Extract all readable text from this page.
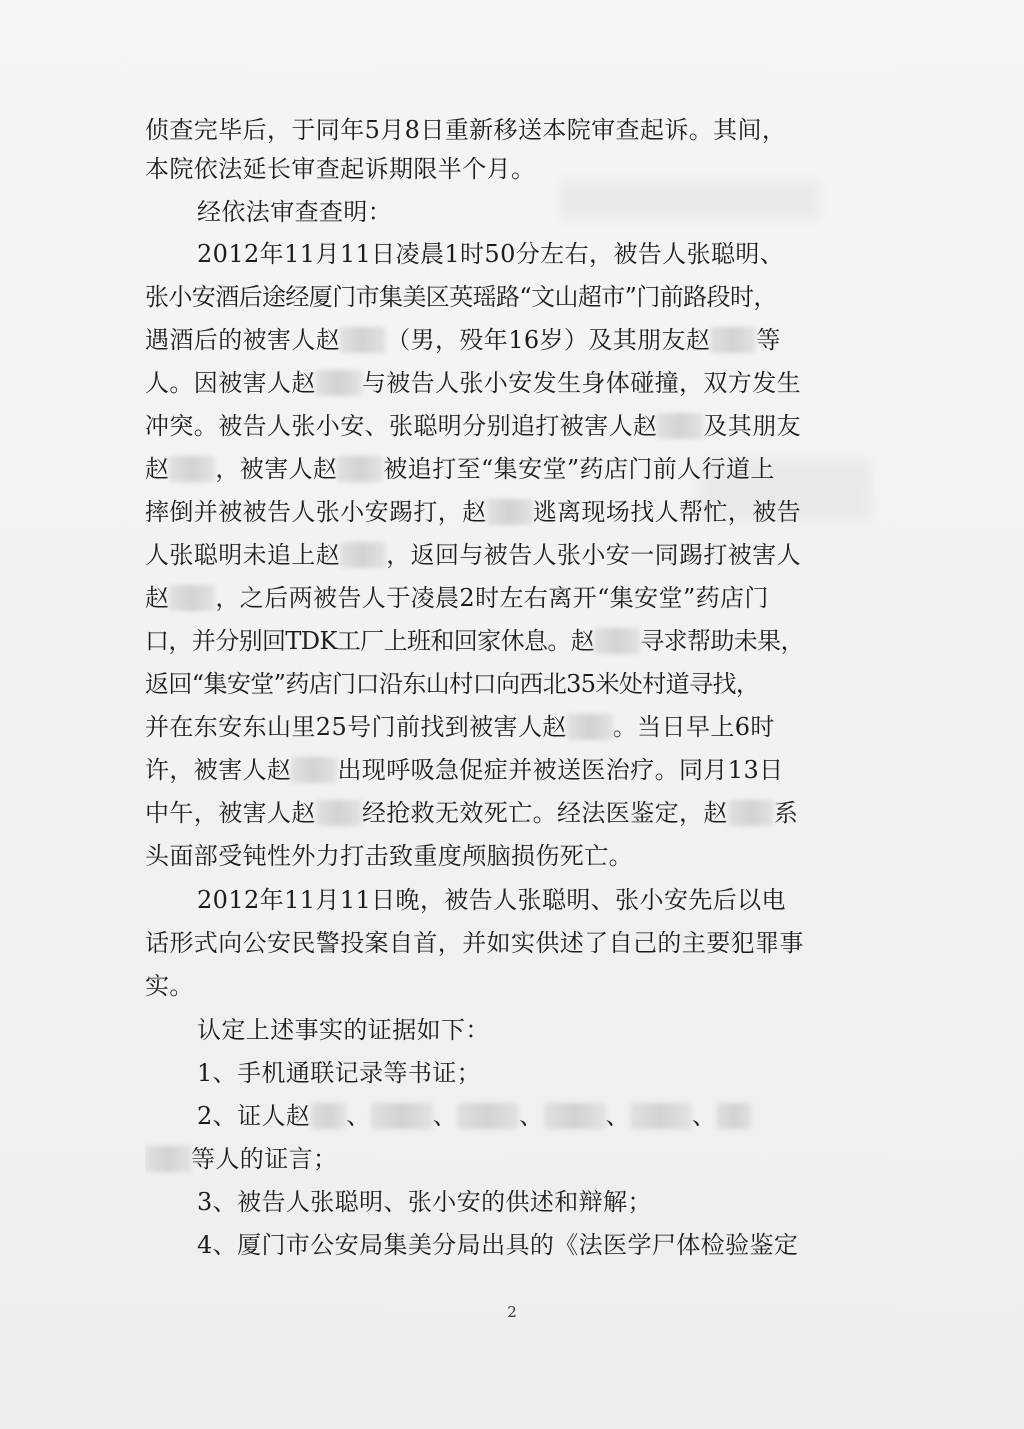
侦查完毕后，于同年5月8日重新移送本院审查起诉。其间，
本院依法延长审查起诉期限半个月。
经依法审查查明：
2012年11月11日凌晨1时50分左右，被告人张聪明、
张小安酒后途经厦门市集美区英瑶路“文山超市”门前路段时，
遇酒后的被害人赵 （男，殁年16岁）及其朋友赵 等
人。因被害人赵 与被告人张小安发生身体碰撞，双方发生
冲突。被告人张小安、张聪明分别追打被害人赵 及其朋友
赵 ，被害人赵 被追打至“集安堂”药店门前人行道上
摔倒并被被告人张小安踢打，赵 逃离现场找人帮忙，被告
人张聪明未追上赵 ，返回与被告人张小安一同踢打被害人
赵 ，之后两被告人于凌晨2时左右离开“集安堂”药店门
口，并分别回TDK工厂上班和回家休息。赵 寻求帮助未果，
返回“集安堂”药店门口沿东山村口向西北35米处村道寻找，
并在东安东山里25号门前找到被害人赵 。当日早上6时
许，被害人赵 出现呼吸急促症并被送医治疗。同月13日
中午，被害人赵 经抢救无效死亡。经法医鉴定，赵 系
头面部受钝性外力打击致重度颅脑损伤死亡。
2012年11月11日晚，被告人张聪明、张小安先后以电
话形式向公安民警投案自首，并如实供述了自己的主要犯罪事
实。
认定上述事实的证据如下：
1、手机通联记录等书证；
2、证人赵 、	、	、	、	、
等人的证言；
3、被告人张聪明、张小安的供述和辩解；
4、厦门市公安局集美分局出具的《法医学尸体检验鉴定
2
